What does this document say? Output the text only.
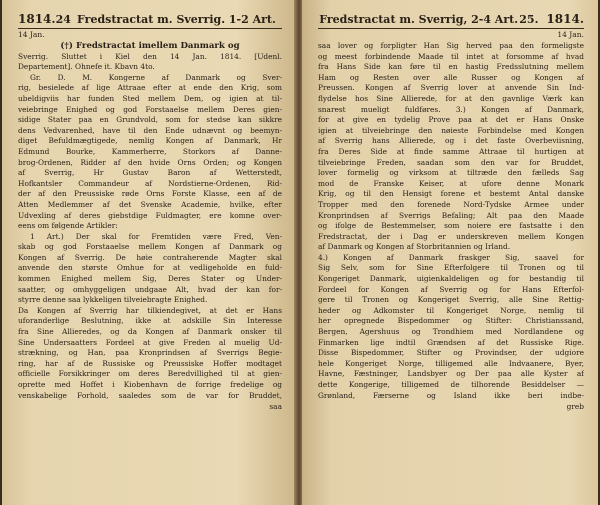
1814. 24 Fredstractat m. Sverrig. 1-2 Art.
14 Jan.
(†) Fredstractat imellem Danmark og
Sverrig. Sluttet i Kiel den 14 Jan. 1814. [Udenl.
Departement]. Ohnefe it. Kbavn 4to.
Gr. D. M. Kongerne af Danmark og Sver-
rig, besielede af lige Attraae efter at ende den Krig, som
ubeldigviis har funden Sted mellem Dem, og igien at til-
veiebringe Enighed og god Forstaaelse mellem Deres gien-
sidige Stater paa en Grundvold, som for stedse kan sikkre
dens Vedvarenhed, have til den Ende udnævnt og beemyn-
diget Befuldmægtigede, nemlig Kongen af Danmark, Hr
Edmund Bourke, Kammerherre, Storkors af Danne-
brog-Ordenen, Ridder af den hvide Orns Orden; og Kongen
af Sverrig, Hr Gustav Baron af Wetterstedt,
Hofkantsler Commandeur af Nordstierne-Ordenen, Rid-
der af den Preussiske røde Orns Forste Klasse, een af de
Atten Medlemmer af det Svenske Academie, hvilke, efter
Udvexling af deres giebstdige Fuldmagter, ere komne over-
eens om følgende Artikler:
1 Art.) Der skal for Fremtiden være Fred, Ven-
skab og god Forstaaelse mellem Kongen af Danmark og
Kongen af Sverrig. De høie contraherende Magter skal
anvende den største Omhue for at vedligeholde en fuld-
kommen Enighed mellem Sig, Deres Stater og Under-
saatter, og omhyggeligen undgaae Alt, hvad der kan for-
styrre denne saa lykkeligen tilveiebragte Enighed.
Da Kongen af Sverrig har tilkiendegivet, at det er Hans
uforanderlige Beslutning, ikke at adskille Sin Interesse
fra Sine Allieredes, og da Kongen af Danmark onsker til
Sine Undersaatters Fordeel at give Freden al muelig Ud-
strækning, og Han, paa Kronprindsen af Sverrigs Begie-
ring, har af de Russiske og Preussiske Hoffer modtaget
officielle Forsikkringer om deres Beredvillighed til at gien-
oprette med Hoffet i Kiobenhavn de forrige fredelige og
venskabelige Forhold, saaledes som de var for Bruddet,
saa
Fredstractat m. Sverrig, 2-4 Art. 25. 1814.
14 Jan.
saa lover og forpligter Han Sig herved paa den formeligste
og meest forbindende Maade til intet at forsomme af hvad
fra Hans Side kan føre til en hastig Fredsslutning mellem
Ham og Resten over alle Russer og Kongen af
Preussen. Kongen af Sverrig lover at anvende Sin Ind-
flydelse hos Sine Allierede, for at den gavnlige Værk kan
snarest mueligt fuldføres. 3.) Kongen af Danmark,
for at give en tydelig Prove paa at det er Hans Onske
igien at tilveiebringe den nøieste Forbindelse med Kongen
af Sverrig hans Allierede, og i det faste Overbeviisning,
fra Deres Side at finde samme Attraae til hurtigen at
tilveiebringe Freden, saadan som den var for Bruddet,
lover formelig og virksom at tiltræde den fælleds Sag
mod de Franske Keiser, at ufore denne Monark
Krig, og til den Hensigt forene et bestemt Antal danske
Tropper med den forenede Nord-Tydske Armee under
Kronprindsen af Sverrigs Befaling; Alt paa den Maade
og ifolge de Bestemmelser, som noiere ere fastsatte i den
Fredstractat, der i Dag er underskreven mellem Kongen
af Danmark og Kongen af Storbritannien og Irland.
4.) Kongen af Danmark fraskger Sig, saavel for
Sig Selv, som for Sine Efterfolgere til Tronen og til
Kongeriget Danmark, uigienkaldeligen og for bestandig til
Fordeel for Kongen af Sverrig og for Hans Efterfol-
gere til Tronen og Kongeriget Sverrig, alle Sine Rettig-
heder og Adkomster til Kongeriget Norge, nemlig til
her opregnede Bispedommer og Stifter: Christianssand,
Bergen, Agershuus og Trondhiem med Nordlandene og
Finmarken lige indtil Grændsen af det Russiske Rige.
Disse Bispedommer, Stifter og Provindser, der udgiore
hele Kongeriget Norge, tilligemed alle Indvaanere, Byer,
Havne, Fæstninger, Landsbyer og Der paa alle Kyster af
dette Kongerige, tilligemed de tilhorende Besiddelser —
Grønland, Færserne og Island ikke beri indbe-
greb
